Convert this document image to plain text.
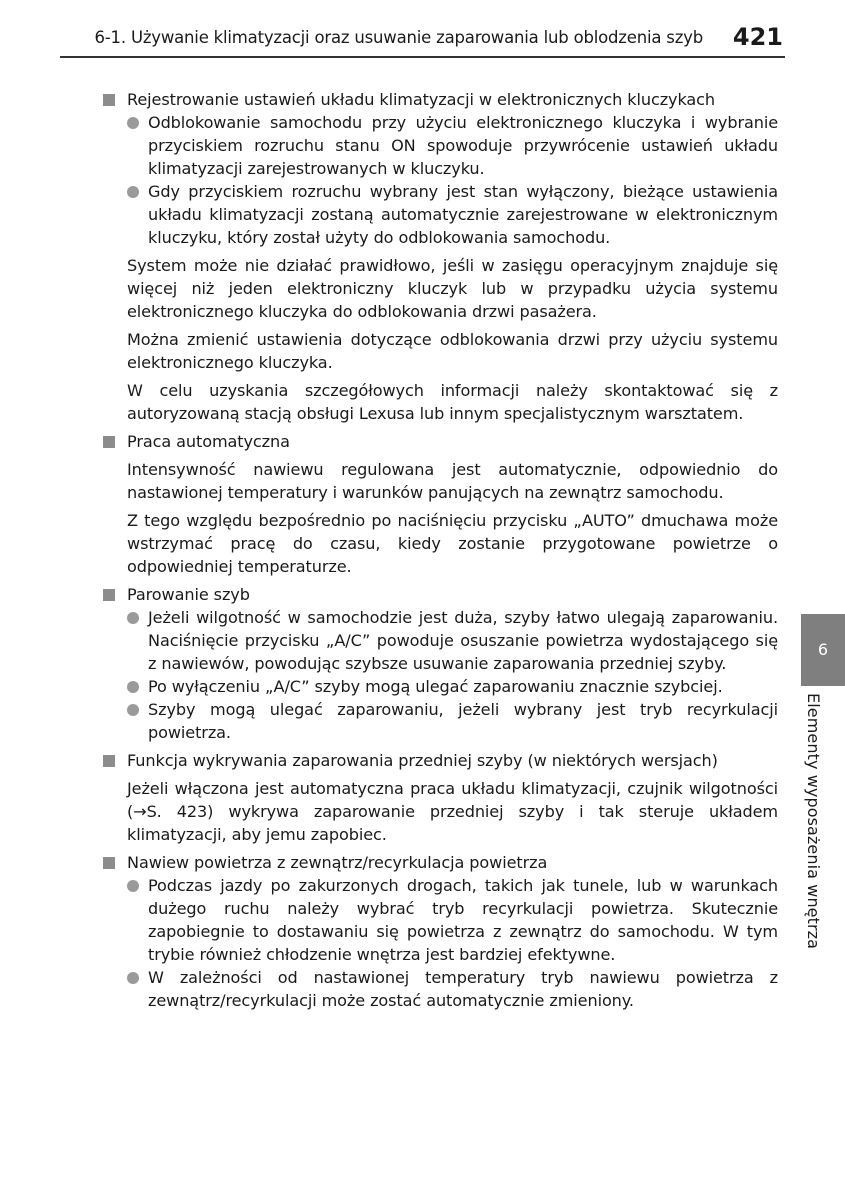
6-1. Używanie klimatyzacji oraz usuwanie zaparowania lub oblodzenia szyb 421
Rejestrowanie ustawień układu klimatyzacji w elektronicznych kluczykach
Odblokowanie samochodu przy użyciu elektronicznego kluczyka i wybranie przyciskiem rozruchu stanu ON spowoduje przywrócenie ustawień układu klimatyzacji zarejestrowanych w kluczyku.
Gdy przyciskiem rozruchu wybrany jest stan wyłączony, bieżące ustawienia układu klimatyzacji zostaną automatycznie zarejestrowane w elektronicznym kluczyku, który został użyty do odblokowania samochodu.
System może nie działać prawidłowo, jeśli w zasięgu operacyjnym znajduje się więcej niż jeden elektroniczny kluczyk lub w przypadku użycia systemu elektronicznego kluczyka do odblokowania drzwi pasażera.
Można zmienić ustawienia dotyczące odblokowania drzwi przy użyciu systemu elektronicznego kluczyka.
W celu uzyskania szczegółowych informacji należy skontaktować się z autoryzowaną stacją obsługi Lexusa lub innym specjalistycznym warsztatem.
Praca automatyczna
Intensywność nawiewu regulowana jest automatycznie, odpowiednio do nastawionej temperatury i warunków panujących na zewnątrz samochodu.
Z tego względu bezpośrednio po naciśnięciu przycisku „AUTO” dmuchawa może wstrzymać pracę do czasu, kiedy zostanie przygotowane powietrze o odpowiedniej temperaturze.
Parowanie szyb
Jeżeli wilgotność w samochodzie jest duża, szyby łatwo ulegają zaparowaniu. Naciśnięcie przycisku „A/C” powoduje osuszanie powietrza wydostającego się z nawiewów, powodując szybsze usuwanie zaparowania przedniej szyby.
Po wyłączeniu „A/C” szyby mogą ulegać zaparowaniu znacznie szybciej.
Szyby mogą ulegać zaparowaniu, jeżeli wybrany jest tryb recyrkulacji powietrza.
Funkcja wykrywania zaparowania przedniej szyby (w niektórych wersjach)
Jeżeli włączona jest automatyczna praca układu klimatyzacji, czujnik wilgotności (→S. 423) wykrywa zaparowanie przedniej szyby i tak steruje układem klimatyzacji, aby jemu zapobiec.
Nawiew powietrza z zewnątrz/recyrkulacja powietrza
Podczas jazdy po zakurzonych drogach, takich jak tunele, lub w warunkach dużego ruchu należy wybrać tryb recyrkulacji powietrza. Skutecznie zapobiegnie to dostawaniu się powietrza z zewnątrz do samochodu. W tym trybie również chłodzenie wnętrza jest bardziej efektywne.
W zależności od nastawionej temperatury tryb nawiewu powietrza z zewnątrz/recyrkulacji może zostać automatycznie zmieniony.
6
Elementy wyposażenia wnętrza
